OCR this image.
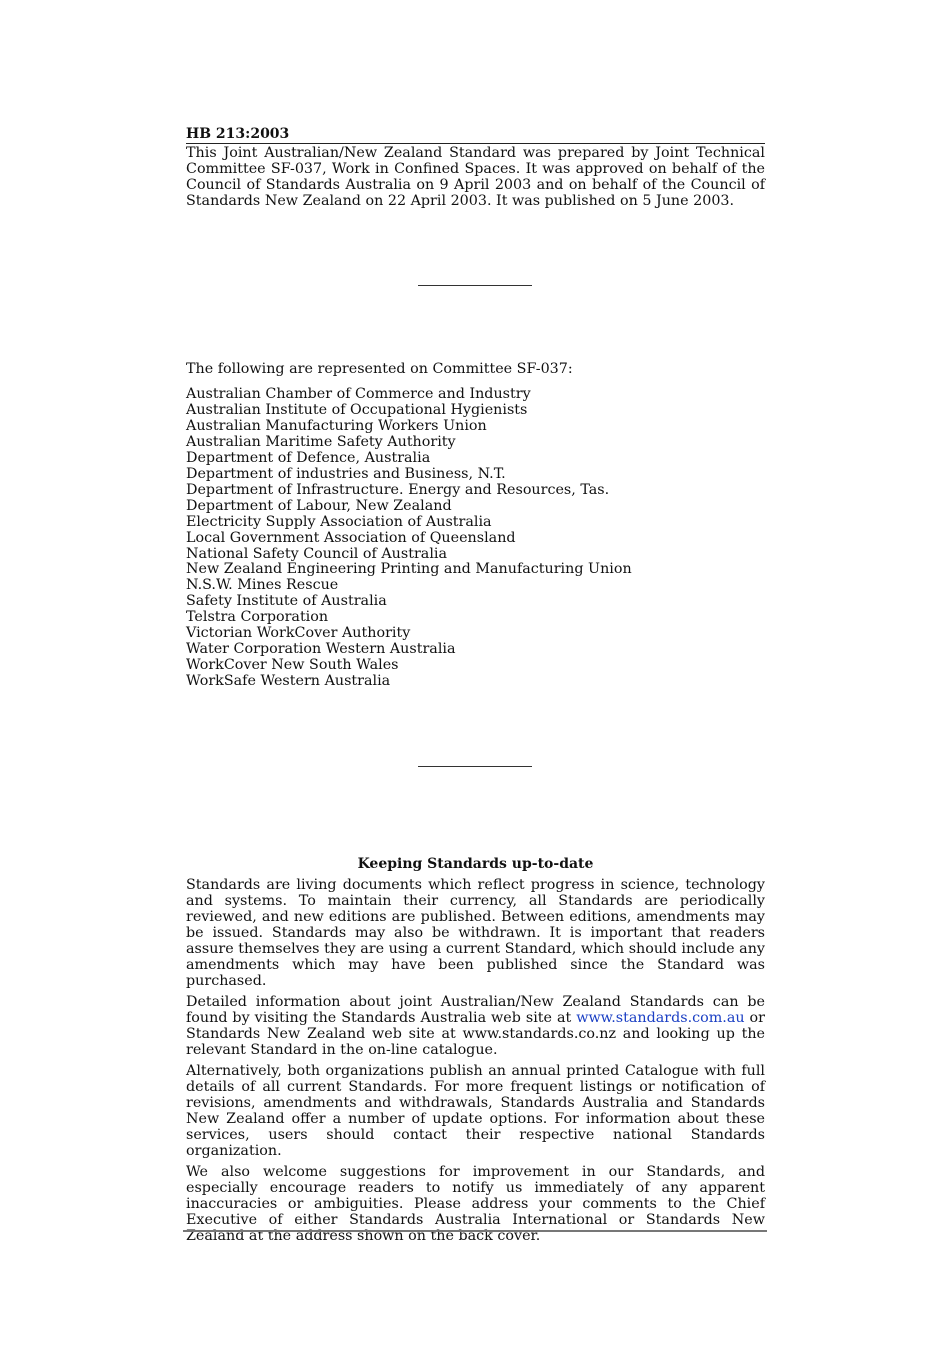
HB 213:2003

This Joint Australian/New Zealand Standard was prepared by Joint Technical Committee SF-037, Work in Confined Spaces. It was approved on behalf of the Council of Standards Australia on 9 April 2003 and on behalf of the Council of Standards New Zealand on 22 April 2003. It was published on 5 June 2003.

The following are represented on Committee SF-037:

Australian Chamber of Commerce and Industry
Australian Institute of Occupational Hygienists
Australian Manufacturing Workers Union
Australian Maritime Safety Authority
Department of Defence, Australia
Department of industries and Business, N.T.
Department of Infrastructure. Energy and Resources, Tas.
Department of Labour, New Zealand
Electricity Supply Association of Australia
Local Government Association of Queensland
National Safety Council of Australia
New Zealand Engineering Printing and Manufacturing Union
N.S.W. Mines Rescue
Safety Institute of Australia
Telstra Corporation
Victorian WorkCover Authority
Water Corporation Western Australia
WorkCover New South Wales
WorkSafe Western Australia
Keeping Standards up-to-date

Standards are living documents which reflect progress in science, technology and systems. To maintain their currency, all Standards are periodically reviewed, and new editions are published. Between editions, amendments may be issued. Standards may also be withdrawn. It is important that readers assure themselves they are using a current Standard, which should include any amendments which may have been published since the Standard was purchased.

Detailed information about joint Australian/New Zealand Standards can be found by visiting the Standards Australia web site at www.standards.com.au or Standards New Zealand web site at www.standards.co.nz and looking up the relevant Standard in the on-line catalogue.

Alternatively, both organizations publish an annual printed Catalogue with full details of all current Standards. For more frequent listings or notification of revisions, amendments and withdrawals, Standards Australia and Standards New Zealand offer a number of update options. For information about these services, users should contact their respective national Standards organization.

We also welcome suggestions for improvement in our Standards, and especially encourage readers to notify us immediately of any apparent inaccuracies or ambiguities. Please address your comments to the Chief Executive of either Standards Australia International or Standards New Zealand at the address shown on the back cover.
